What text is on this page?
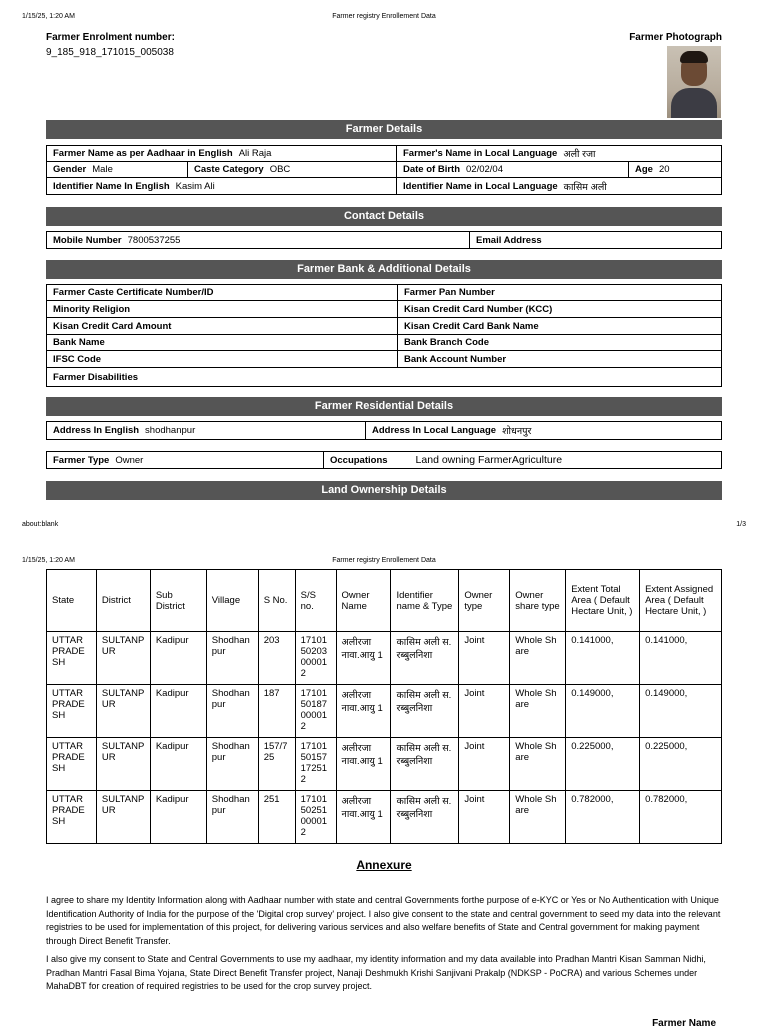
1/15/25, 1:20 AM	Farmer registry Enrollement Data
Farmer Enrolment number:
9_185_918_171015_005038
Farmer Photograph
Farmer Details
Farmer Name as per Aadhaar in English Ali Raja	Farmer's Name in Local Language अली रजा
Gender Male	Caste Category OBC	Date of Birth 02/02/04	Age 20
Identifier Name In English Kasim Ali	Identifier Name in Local Language कासिम अली
Contact Details
Mobile Number 7800537255	Email Address
Farmer Bank & Additional Details
Farmer Caste Certificate Number/ID	Farmer Pan Number
Minority Religion	Kisan Credit Card Number (KCC)
Kisan Credit Card Amount	Kisan Credit Card Bank Name
Bank Name	Bank Branch Code
IFSC Code	Bank Account Number
Farmer Disabilities
Farmer Residential Details
Address In English shodhanpur	Address In Local Language शोधनपुर
Farmer Type Owner	Occupations	Land owning FarmerAgriculture
Land Ownership Details
about:blank	1/3
1/15/25, 1:20 AM	Farmer registry Enrollement Data
State	District	Sub District	Village	S No.	S/S no.	Owner Name	Identifier name & Type	Owner type	Owner share type	Extent Total Area ( Default Hectare Unit, )	Extent Assigned Area ( Default Hectare Unit, )
UTTAR PRADESH	SULTANPUR	Kadipur	Shodhanpur	203	171015020300001 2	अलीरजा नावा.आयु 1	कासिम अली स.रब्बुलनिशा	Joint	Whole Share	0.141000,	0.141000,
UTTAR PRADESH	SULTANPUR	Kadipur	Shodhanpur	187	171015018700001 2	अलीरजा नावा.आयु 1	कासिम अली स.रब्बुलनिशा	Joint	Whole Share	0.149000,	0.149000,
UTTAR PRADESH	SULTANPUR	Kadipur	Shodhanpur	157/725	171015015717251 2	अलीरजा नावा.आयु 1	कासिम अली स.रब्बुलनिशा	Joint	Whole Share	0.225000,	0.225000,
UTTAR PRADESH	SULTANPUR	Kadipur	Shodhanpur	251	171015025100001 2	अलीरजा नावा.आयु 1	कासिम अली स.रब्बुलनिशा	Joint	Whole Share	0.782000,	0.782000,
Annexure
I agree to share my Identity Information along with Aadhaar number with state and central Governments forthe purpose of e-KYC or Yes or No Authentication with Unique Identification Authority of India for the purpose of the 'Digital crop survey' project. I also give consent to the state and central government to seed my data into the relevant registries to be used for implementation of this project, for delivering various services and also welfare benefits of State and Central government for making payment through Direct Benefit Transfer.
I also give my consent to State and Central Governments to use my aadhaar, my identity information and my data available into Pradhan Mantri Kisan Samman Nidhi, Pradhan Mantri Fasal Bima Yojana, State Direct Benefit Transfer project, Nanaji Deshmukh Krishi Sanjivani Prakalp (NDKSP - PoCRA) and various Schemes under MahaDBT for creation of required registries to be used for the crop survey project.
Farmer Name
